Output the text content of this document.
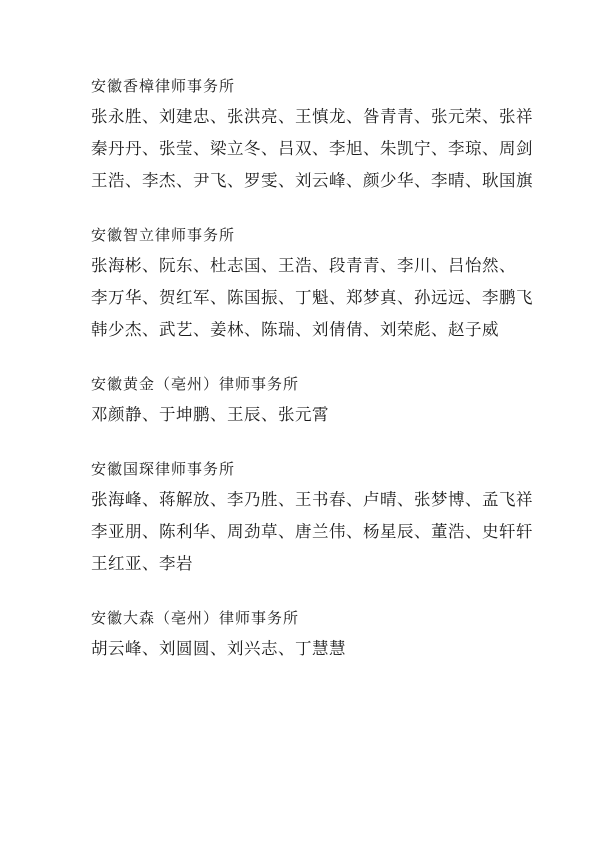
安徽香樟律师事务所
张永胜、刘建忠、张洪亮、王慎龙、昝青青、张元荣、张祥
秦丹丹、张莹、梁立冬、吕双、李旭、朱凯宁、李琼、周剑
王浩、李杰、尹飞、罗雯、刘云峰、颜少华、李晴、耿国旗
安徽智立律师事务所
张海彬、阮东、杜志国、王浩、段青青、李川、吕怡然、
李万华、贺红军、陈国振、丁魁、郑梦真、孙远远、李鹏飞
韩少杰、武艺、姜林、陈瑞、刘倩倩、刘荣彪、赵子威
安徽黄金（亳州）律师事务所
邓颜静、于坤鹏、王辰、张元霄
安徽国琛律师事务所
张海峰、蒋解放、李乃胜、王书春、卢晴、张梦博、孟飞祥
李亚朋、陈利华、周劲草、唐兰伟、杨星辰、董浩、史轩轩
王红亚、李岩
安徽大森（亳州）律师事务所
胡云峰、刘圆圆、刘兴志、丁慧慧
